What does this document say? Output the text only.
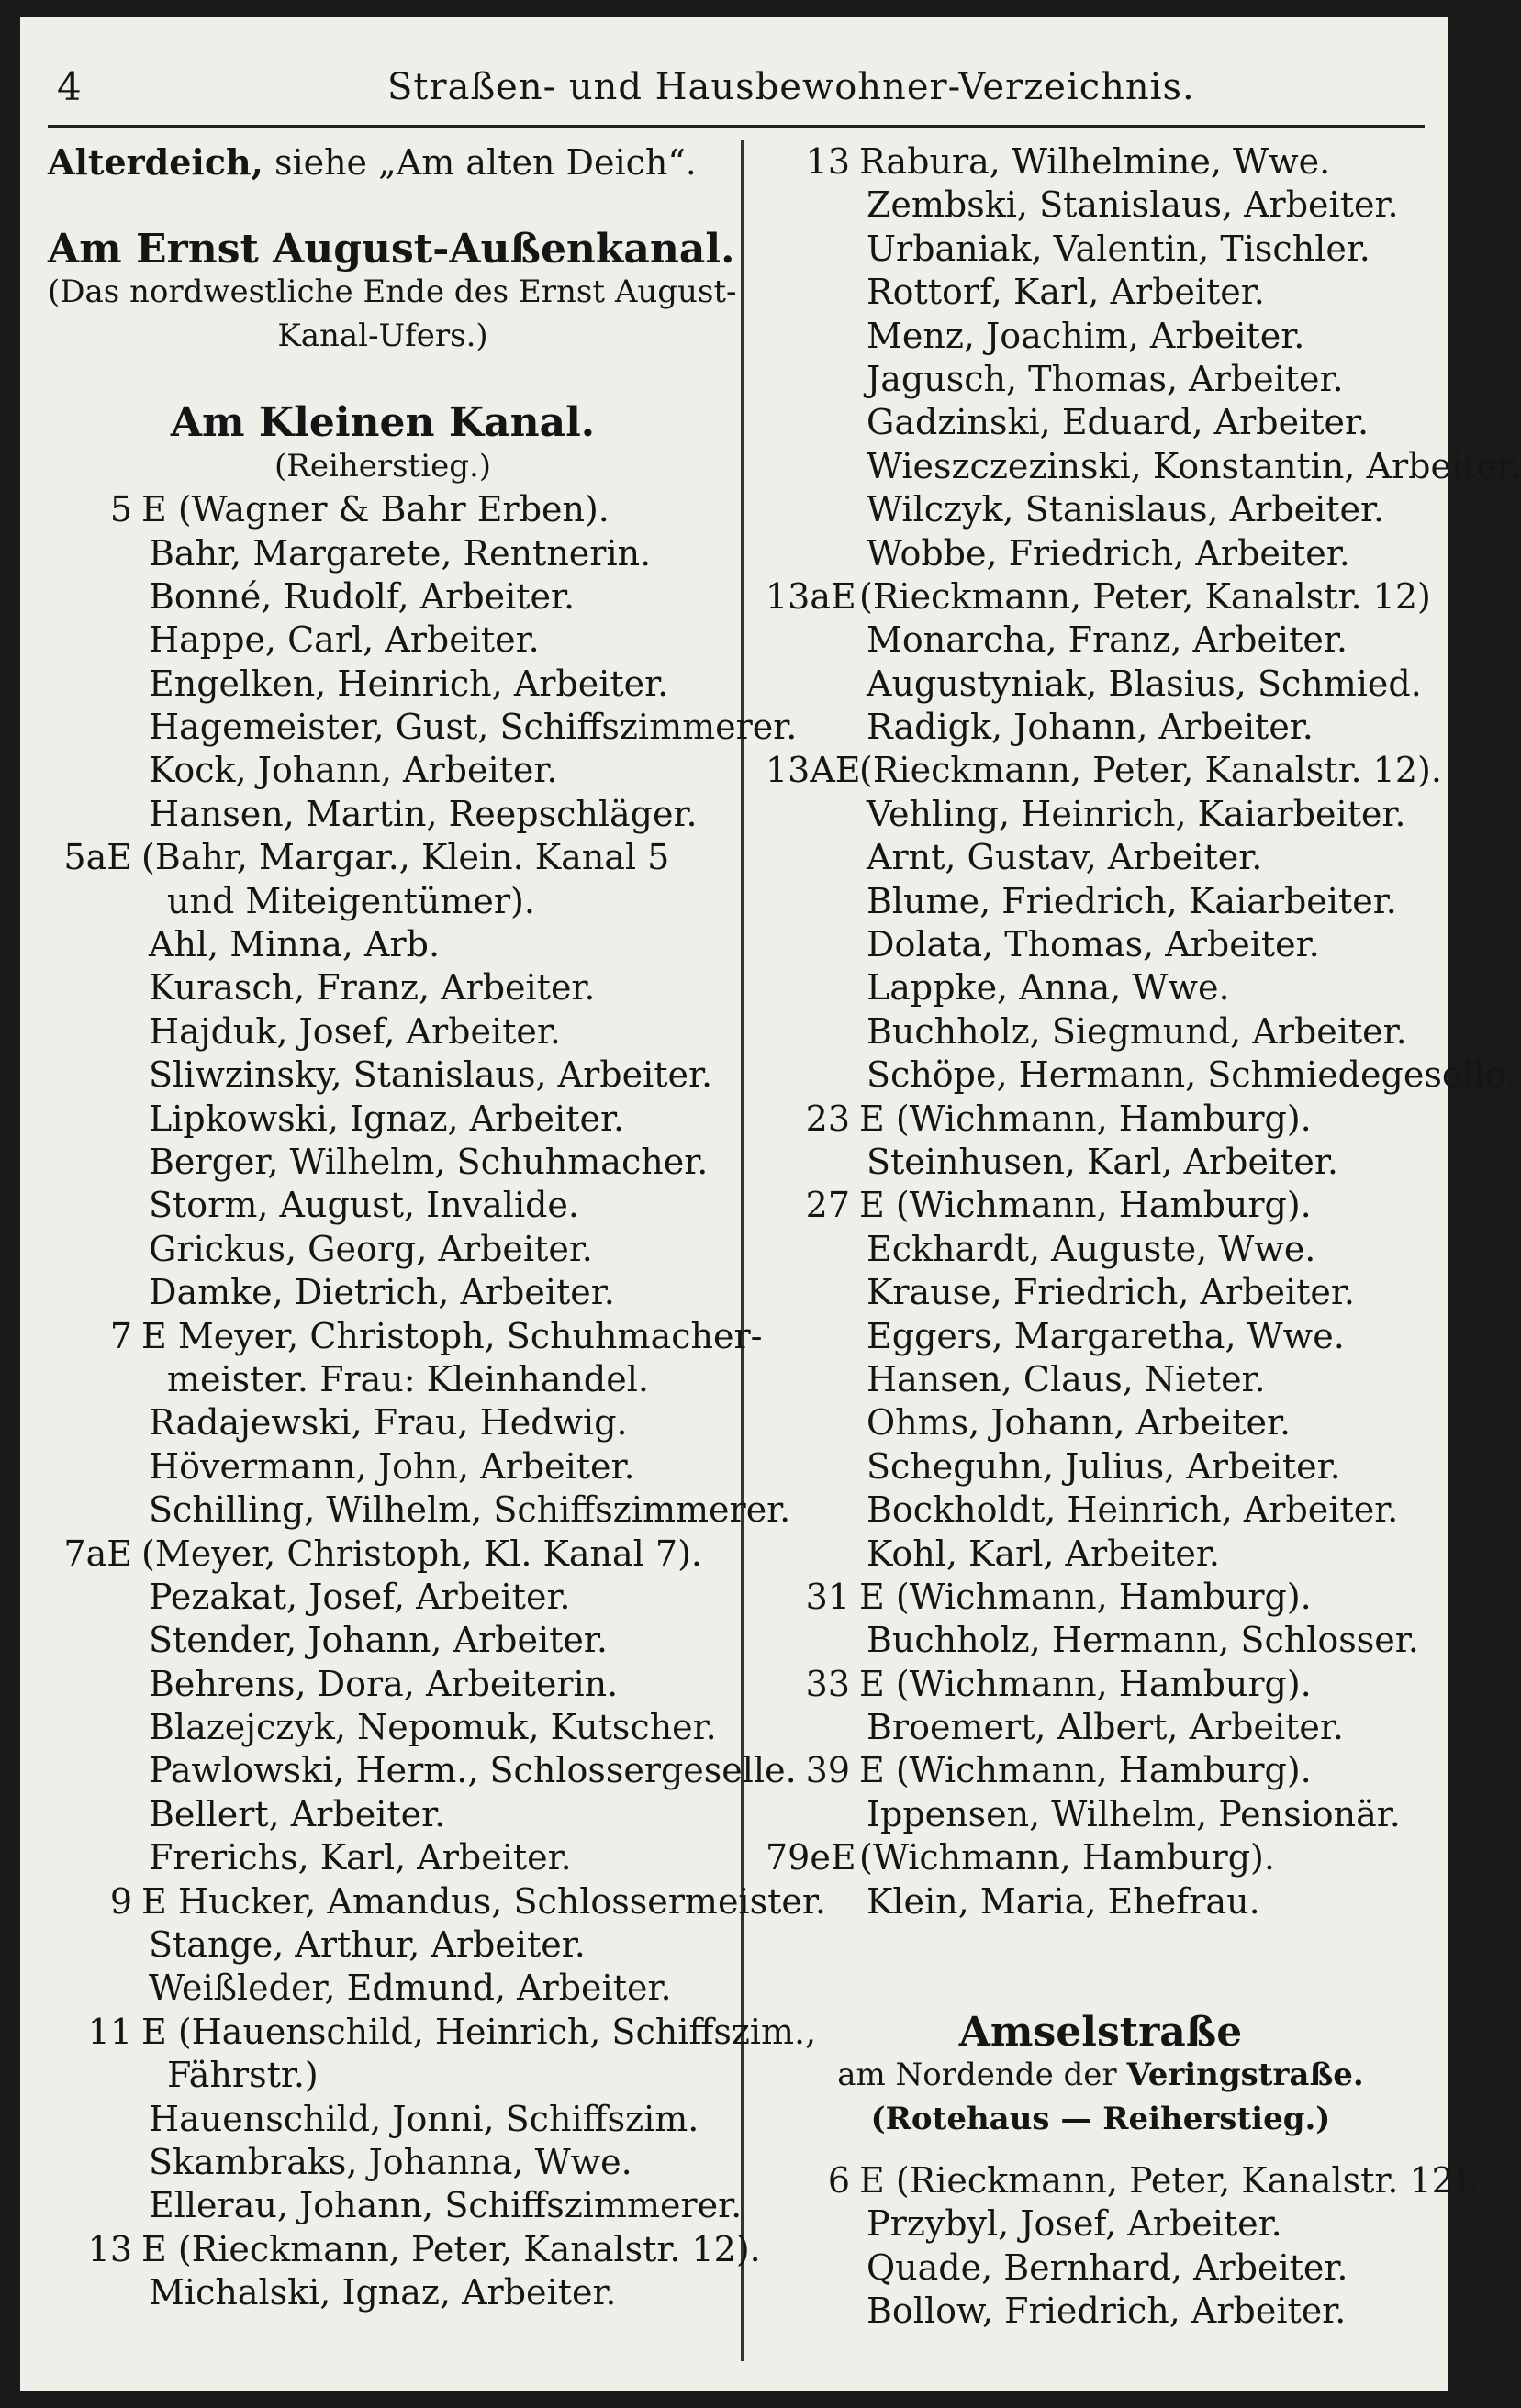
4	Straßen- und Hausbewohner-Verzeichnis.
Alterdeich, siehe „Am alten Deich“.
Am Ernst August-Außenkanal.
(Das nordwestliche Ende des Ernst August-
Kanal-Ufers.)
Am Kleinen Kanal.
(Reiherstieg.)
5 E (Wagner & Bahr Erben).
Bahr, Margarete, Rentnerin.
Bonné, Rudolf, Arbeiter.
Happe, Carl, Arbeiter.
Engelken, Heinrich, Arbeiter.
Hagemeister, Gust, Schiffszimmerer.
Kock, Johann, Arbeiter.
Hansen, Martin, Reepschläger.
5aE (Bahr, Margar., Klein. Kanal 5
und Miteigentümer).
Ahl, Minna, Arb.
Kurasch, Franz, Arbeiter.
Hajduk, Josef, Arbeiter.
Sliwzinsky, Stanislaus, Arbeiter.
Lipkowski, Ignaz, Arbeiter.
Berger, Wilhelm, Schuhmacher.
Storm, August, Invalide.
Grickus, Georg, Arbeiter.
Damke, Dietrich, Arbeiter.
7 E Meyer, Christoph, Schuhmacher-
meister. Frau: Kleinhandel.
Radajewski, Frau, Hedwig.
Hövermann, John, Arbeiter.
Schilling, Wilhelm, Schiffszimmerer.
7aE (Meyer, Christoph, Kl. Kanal 7).
Pezakat, Josef, Arbeiter.
Stender, Johann, Arbeiter.
Behrens, Dora, Arbeiterin.
Blazejczyk, Nepomuk, Kutscher.
Pawlowski, Herm., Schlossergeselle.
Bellert, Arbeiter.
Frerichs, Karl, Arbeiter.
9 E Hucker, Amandus, Schlossermeister.
Stange, Arthur, Arbeiter.
Weißleder, Edmund, Arbeiter.
11 E (Hauenschild, Heinrich, Schiffszim.,
Fährstr.)
Hauenschild, Jonni, Schiffszim.
Skambraks, Johanna, Wwe.
Ellerau, Johann, Schiffszimmerer.
13 E (Rieckmann, Peter, Kanalstr. 12).
Michalski, Ignaz, Arbeiter.
13 Rabura, Wilhelmine, Wwe.
Zembski, Stanislaus, Arbeiter.
Urbaniak, Valentin, Tischler.
Rottorf, Karl, Arbeiter.
Menz, Joachim, Arbeiter.
Jagusch, Thomas, Arbeiter.
Gadzinski, Eduard, Arbeiter.
Wieszczezinski, Konstantin, Arbeiter.
Wilczyk, Stanislaus, Arbeiter.
Wobbe, Friedrich, Arbeiter.
13aE(Rieckmann, Peter, Kanalstr. 12)
Monarcha, Franz, Arbeiter.
Augustyniak, Blasius, Schmied.
Radigk, Johann, Arbeiter.
13AE(Rieckmann, Peter, Kanalstr. 12).
Vehling, Heinrich, Kaiarbeiter.
Arnt, Gustav, Arbeiter.
Blume, Friedrich, Kaiarbeiter.
Dolata, Thomas, Arbeiter.
Lappke, Anna, Wwe.
Buchholz, Siegmund, Arbeiter.
Schöpe, Hermann, Schmiedegeselle.
23 E (Wichmann, Hamburg).
Steinhusen, Karl, Arbeiter.
27 E (Wichmann, Hamburg).
Eckhardt, Auguste, Wwe.
Krause, Friedrich, Arbeiter.
Eggers, Margaretha, Wwe.
Hansen, Claus, Nieter.
Ohms, Johann, Arbeiter.
Scheguhn, Julius, Arbeiter.
Bockholdt, Heinrich, Arbeiter.
Kohl, Karl, Arbeiter.
31 E (Wichmann, Hamburg).
Buchholz, Hermann, Schlosser.
33 E (Wichmann, Hamburg).
Broemert, Albert, Arbeiter.
39 E (Wichmann, Hamburg).
Ippensen, Wilhelm, Pensionär.
79eE(Wichmann, Hamburg).
Klein, Maria, Ehefrau.
Amselstraße
am Nordende der Veringstraße.
(Rotehaus — Reiherstieg.)
6 E (Rieckmann, Peter, Kanalstr. 12).
Przybyl, Josef, Arbeiter.
Quade, Bernhard, Arbeiter.
Bollow, Friedrich, Arbeiter.
